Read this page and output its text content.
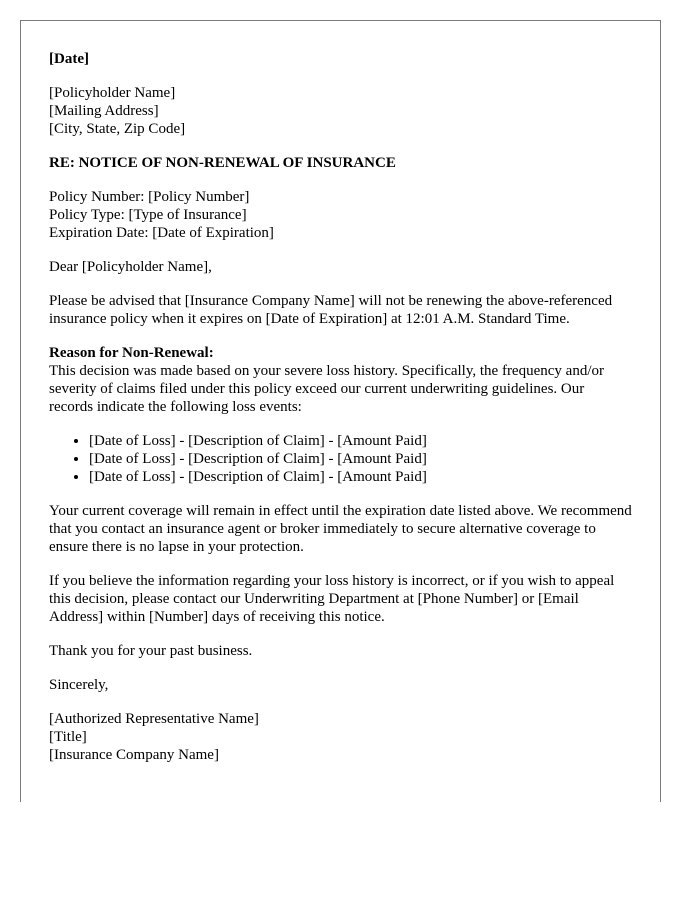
[Date]
[Policyholder Name]
[Mailing Address]
[City, State, Zip Code]
RE: NOTICE OF NON-RENEWAL OF INSURANCE
Policy Number: [Policy Number]
Policy Type: [Type of Insurance]
Expiration Date: [Date of Expiration]
Dear [Policyholder Name],
Please be advised that [Insurance Company Name] will not be renewing the above-referenced insurance policy when it expires on [Date of Expiration] at 12:01 A.M. Standard Time.
Reason for Non-Renewal:
This decision was made based on your severe loss history. Specifically, the frequency and/or severity of claims filed under this policy exceed our current underwriting guidelines. Our records indicate the following loss events:
• [Date of Loss] - [Description of Claim] - [Amount Paid]
• [Date of Loss] - [Description of Claim] - [Amount Paid]
• [Date of Loss] - [Description of Claim] - [Amount Paid]
Your current coverage will remain in effect until the expiration date listed above. We recommend that you contact an insurance agent or broker immediately to secure alternative coverage to ensure there is no lapse in your protection.
If you believe the information regarding your loss history is incorrect, or if you wish to appeal this decision, please contact our Underwriting Department at [Phone Number] or [Email Address] within [Number] days of receiving this notice.
Thank you for your past business.
Sincerely,
[Authorized Representative Name]
[Title]
[Insurance Company Name]
